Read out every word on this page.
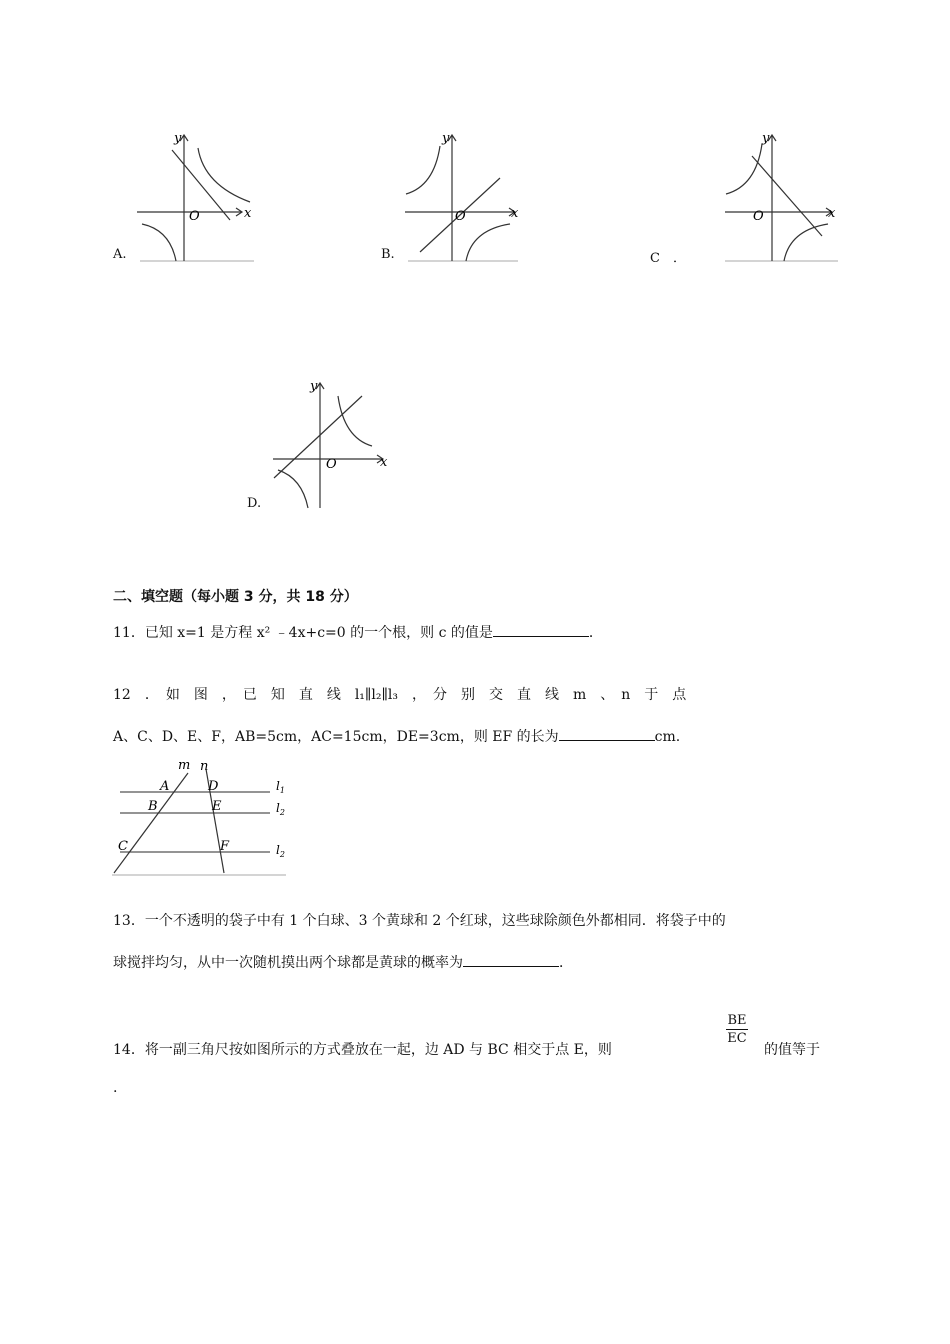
A.
y
x
O
B.
y
x
O
C　．
y
x
O
D.
y
x
O
二、填空题（每小题 3 分，共 18 分）
11．已知 x=1 是方程 x² ﹣4x+c=0 的一个根，则 c 的值是	．
12　．　如　图　，　已　知　直　线　l₁∥l₂∥l₃　，　分　别　交　直　线　m　、　n　于　点
A、C、D、E、F，AB=5cm，AC=15cm，DE=3cm，则 EF 的长为	cm.
m n
A	D
B	E
C	F
$l_1$
$l_2$
$l_2$
13．一个不透明的袋子中有 1 个白球、3 个黄球和 2 个红球，这些球除颜色外都相同．将袋子中的
球搅拌均匀，从中一次随机摸出两个球都是黄球的概率为	．
14．将一副三角尺按如图所示的方式叠放在一起，边 AD 与 BC 相交于点 E，则
BE
EC
的值等于
.
